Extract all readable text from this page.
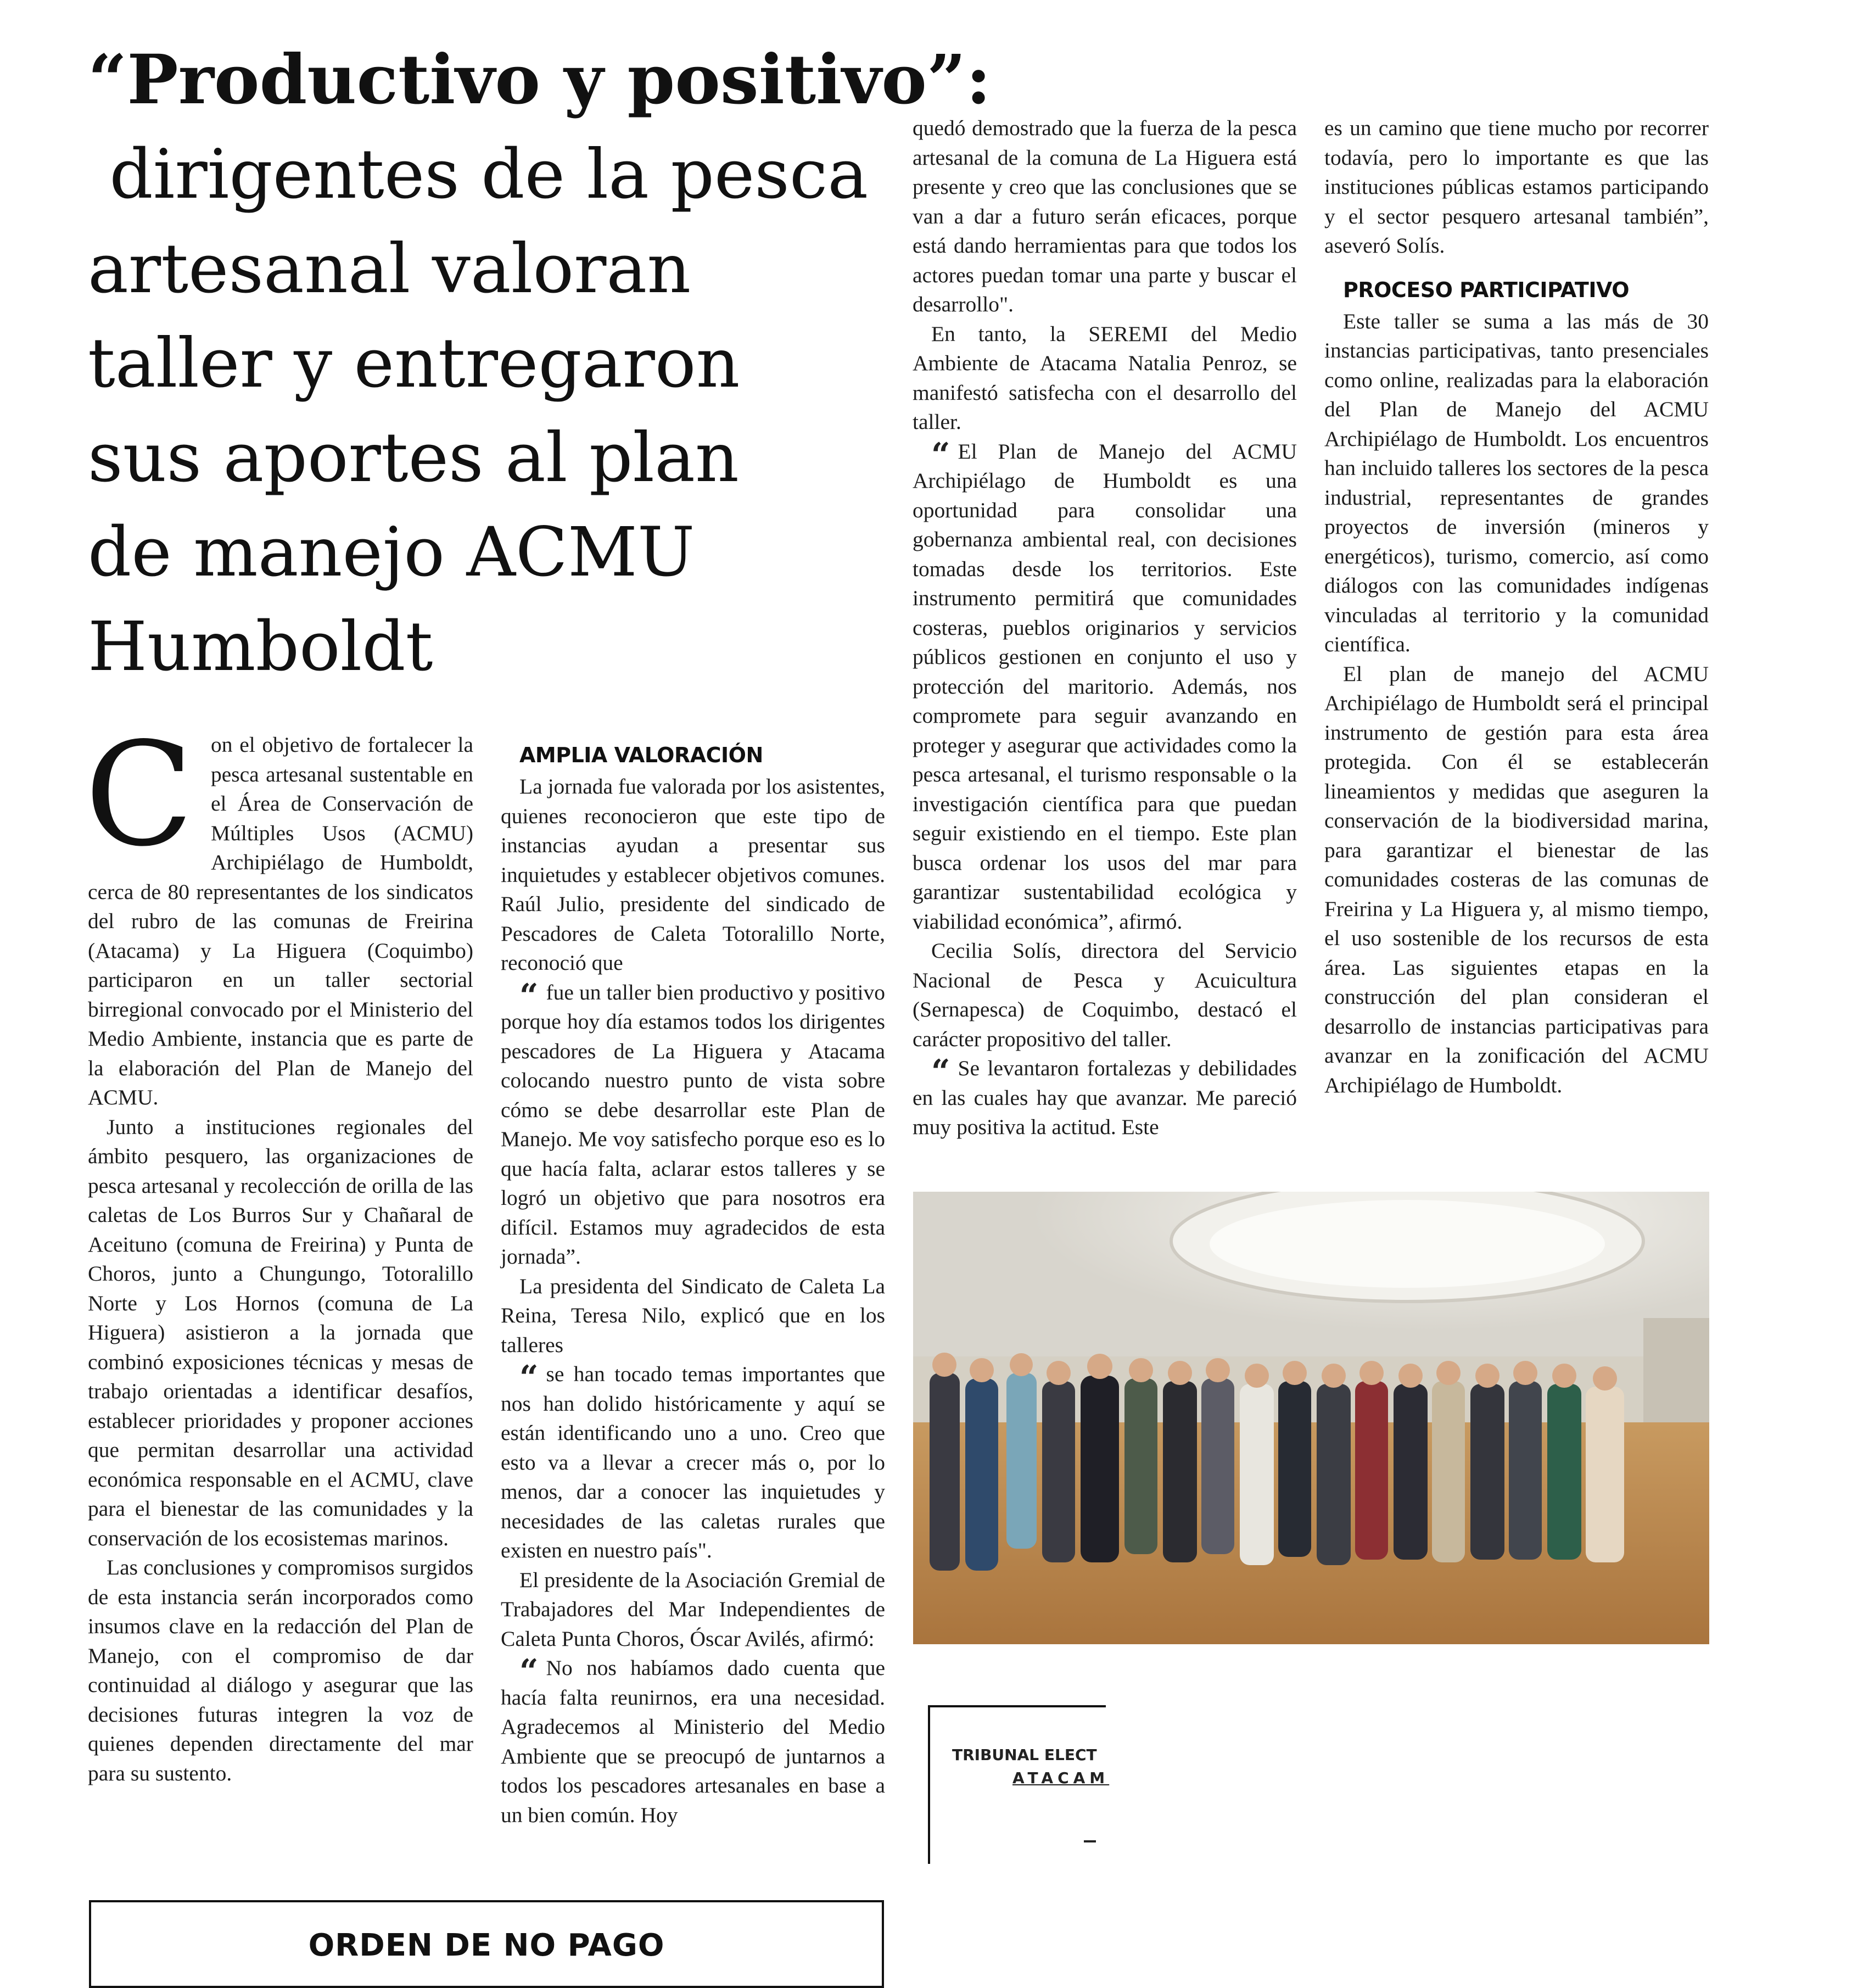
“Productivo y positivo”:
dirigentes de la pesca
artesanal valoran
taller y entregaron
sus aportes al plan
de manejo ACMU
Humboldt
C on el objetivo de fortalecer la pesca artesanal sustentable en el Área de Conservación de Múltiples Usos (ACMU) Archipiélago de Humboldt, cerca de 80 representantes de los sindicatos del rubro de las comunas de Freirina (Atacama) y La Higuera (Coquimbo) participaron en un taller sectorial birregional convocado por el Ministerio del Medio Ambiente, instancia que es parte de la elaboración del Plan de Manejo del ACMU.

Junto a instituciones regionales del ámbito pesquero, las organizaciones de pesca artesanal y recolección de orilla de las caletas de Los Burros Sur y Chañaral de Aceituno (comuna de Freirina) y Punta de Choros, junto a Chungungo, Totoralillo Norte y Los Hornos (comuna de La Higuera) asistieron a la jornada que combinó exposiciones técnicas y mesas de trabajo orientadas a identificar desafíos, establecer prioridades y proponer acciones que permitan desarrollar una actividad económica responsable en el ACMU, clave para el bienestar de las comunidades y la conservación de los ecosistemas marinos.

Las conclusiones y compromisos surgidos de esta instancia serán incorporados como insumos clave en la redacción del Plan de Manejo, con el compromiso de dar continuidad al diálogo y asegurar que las decisiones futuras integren la voz de quienes dependen directamente del mar para su sustento.

AMPLIA VALORACIÓN

La jornada fue valorada por los asistentes, quienes reconocieron que este tipo de instancias ayudan a presentar sus inquietudes y establecer objetivos comunes. Raúl Julio, presidente del sindicado de Pescadores de Caleta Totoralillo Norte, reconoció que

“ fue un taller bien productivo y positivo porque hoy día estamos todos los dirigentes pescadores de La Higuera y Atacama colocando nuestro punto de vista sobre cómo se debe desarrollar este Plan de Manejo. Me voy satisfecho porque eso es lo que hacía falta, aclarar estos talleres y se logró un objetivo que para nosotros era difícil. Estamos muy agradecidos de esta jornada”.

La presidenta del Sindicato de Caleta La Reina, Teresa Nilo, explicó que en los talleres

“ se han tocado temas importantes que nos han dolido históricamente y aquí se están identificando uno a uno. Creo que esto va a llevar a crecer más o, por lo menos, dar a conocer las inquietudes y necesidades de las caletas rurales que existen en nuestro país".

El presidente de la Asociación Gremial de Trabajadores del Mar Independientes de Caleta Punta Choros, Óscar Avilés, afirmó:

“ No nos habíamos dado cuenta que hacía falta reunirnos, era una necesidad. Agradecemos al Ministerio del Medio Ambiente que se preocupó de juntarnos a todos los pescadores artesanales en base a un bien común. Hoy

quedó demostrado que la fuerza de la pesca artesanal de la comuna de La Higuera está presente y creo que las conclusiones que se van a dar a futuro serán eficaces, porque está dando herramientas para que todos los actores puedan tomar una parte y buscar el desarrollo".

En tanto, la SEREMI del Medio Ambiente de Atacama Natalia Penroz, se manifestó satisfecha con el desarrollo del taller.

“ El Plan de Manejo del ACMU Archipiélago de Humboldt es una oportunidad para consolidar una gobernanza ambiental real, con decisiones tomadas desde los territorios. Este instrumento permitirá que comunidades costeras, pueblos originarios y servicios públicos gestionen en conjunto el uso y protección del maritorio. Además, nos compromete para seguir avanzando en proteger y asegurar que actividades como la pesca artesanal, el turismo responsable o la investigación científica para que puedan seguir existiendo en el tiempo. Este plan busca ordenar los usos del mar para garantizar sustentabilidad ecológica y viabilidad económica”, afirmó.

Cecilia Solís, directora del Servicio Nacional de Pesca y Acuicultura (Sernapesca) de Coquimbo, destacó el carácter propositivo del taller.

“ Se levantaron fortalezas y debilidades en las cuales hay que avanzar. Me pareció muy positiva la actitud. Este

es un camino que tiene mucho por recorrer todavía, pero lo importante es que las instituciones públicas estamos participando y el sector pesquero artesanal también”, aseveró Solís.

PROCESO PARTICIPATIVO

Este taller se suma a las más de 30 instancias participativas, tanto presenciales como online, realizadas para la elaboración del Plan de Manejo del ACMU Archipiélago de Humboldt. Los encuentros han incluido talleres los sectores de la pesca industrial, representantes de grandes proyectos de inversión (mineros y energéticos), turismo, comercio, así como diálogos con las comunidades indígenas vinculadas al territorio y la comunidad científica.

El plan de manejo del ACMU Archipiélago de Humboldt será el principal instrumento de gestión para esta área protegida. Con él se establecerán lineamientos y medidas que aseguren la conservación de la biodiversidad marina, para garantizar el bienestar de las comunidades costeras de las comunas de Freirina y La Higuera y, al mismo tiempo, el uso sostenible de los recursos de esta área. Las siguientes etapas en la construcción del plan consideran el desarrollo de instancias participativas para avanzar en la zonificación del ACMU Archipiélago de Humboldt.

TRIBUNAL ELECT
ATACAM
ORDEN DE NO PAGO
